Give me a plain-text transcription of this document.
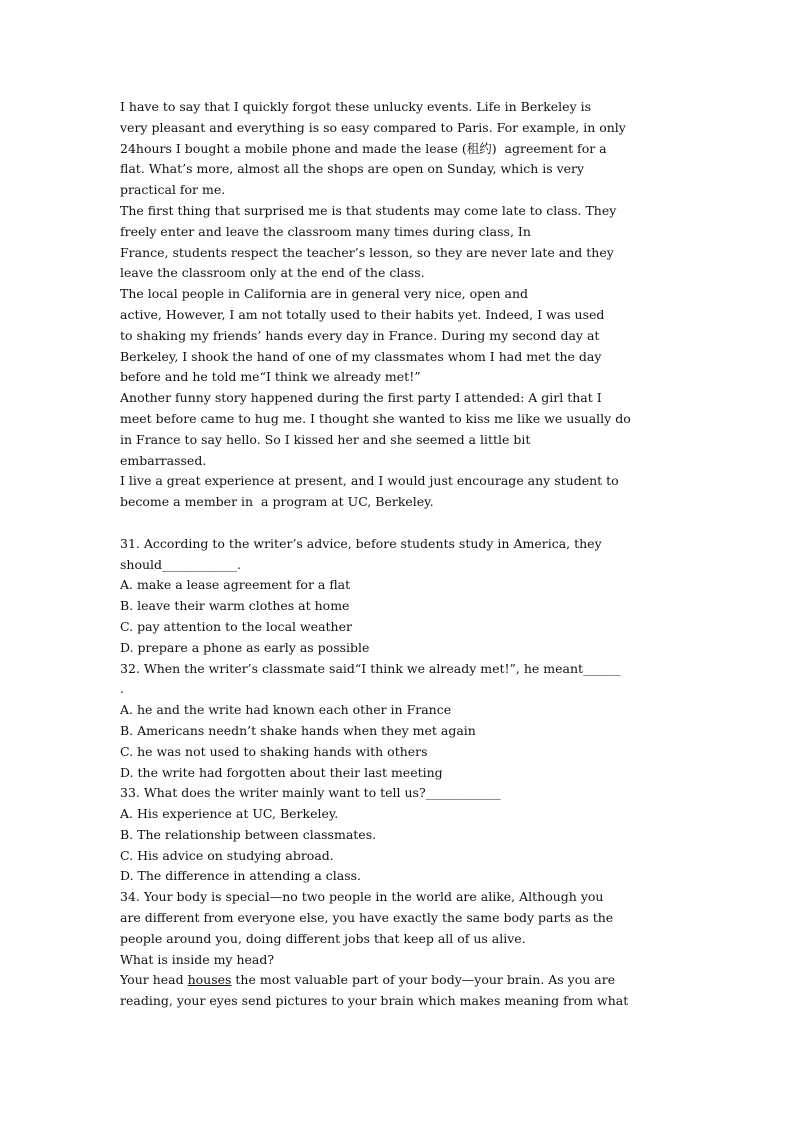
I have to say that I quickly forgot these unlucky events. Life in Berkeley is
very pleasant and everything is so easy compared to Paris. For example, in only
24hours I bought a mobile phone and made the lease (租约)  agreement for a
flat. What’s more, almost all the shops are open on Sunday, which is very
practical for me.
The first thing that surprised me is that students may come late to class. They
freely enter and leave the classroom many times during class, In
France, students respect the teacher’s lesson, so they are never late and they
leave the classroom only at the end of the class.
The local people in California are in general very nice, open and
active, However, I am not totally used to their habits yet. Indeed, I was used
to shaking my friends’ hands every day in France. During my second day at
Berkeley, I shook the hand of one of my classmates whom I had met the day
before and he told me“I think we already met!”
Another funny story happened during the first party I attended: A girl that I
meet before came to hug me. I thought she wanted to kiss me like we usually do
in France to say hello. So I kissed her and she seemed a little bit
embarrassed.
I live a great experience at present, and I would just encourage any student to
become a member in  a program at UC, Berkeley.
31. According to the writer’s advice, before students study in America, they
should____________.
A. make a lease agreement for a flat
B. leave their warm clothes at home
C. pay attention to the local weather
D. prepare a phone as early as possible
32. When the writer’s classmate said“I think we already met!”, he meant______
.
A. he and the write had known each other in France
B. Americans needn’t shake hands when they met again
C. he was not used to shaking hands with others
D. the write had forgotten about their last meeting
33. What does the writer mainly want to tell us?____________
A. His experience at UC, Berkeley.
B. The relationship between classmates.
C. His advice on studying abroad.
D. The difference in attending a class.
34. Your body is special—no two people in the world are alike, Although you
are different from everyone else, you have exactly the same body parts as the
people around you, doing different jobs that keep all of us alive.
What is inside my head?
Your head houses the most valuable part of your body—your brain. As you are
reading, your eyes send pictures to your brain which makes meaning from what
